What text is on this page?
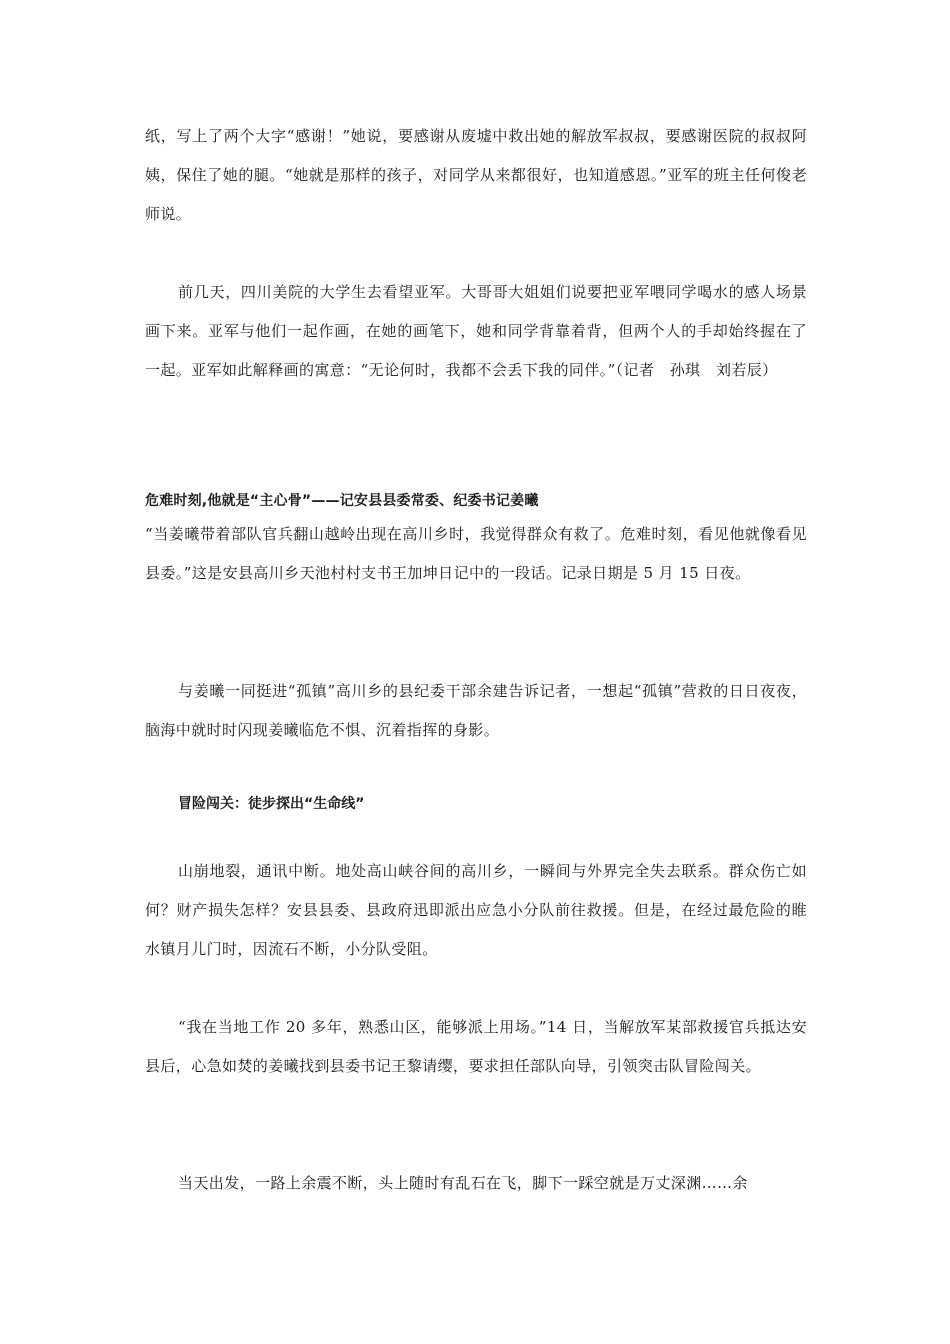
纸，写上了两个大字“感谢！”她说，要感谢从废墟中救出她的解放军叔叔，要感谢医院的叔叔阿姨，保住了她的腿。“她就是那样的孩子，对同学从来都很好，也知道感恩。”亚军的班主任何俊老师说。

前几天，四川美院的大学生去看望亚军。大哥哥大姐姐们说要把亚军喂同学喝水的感人场景画下来。亚军与他们一起作画，在她的画笔下，她和同学背靠着背，但两个人的手却始终握在了一起。亚军如此解释画的寓意：“无论何时，我都不会丢下我的同伴。”（记者　孙琪　刘若辰）

危难时刻,他就是“主心骨”——记安县县委常委、纪委书记姜曦

“当姜曦带着部队官兵翻山越岭出现在高川乡时，我觉得群众有救了。危难时刻，看见他就像看见县委。”这是安县高川乡天池村村支书王加坤日记中的一段话。记录日期是 5 月 15 日夜。

与姜曦一同挺进“孤镇”高川乡的县纪委干部余建告诉记者，一想起“孤镇”营救的日日夜夜，脑海中就时时闪现姜曦临危不惧、沉着指挥的身影。

冒险闯关：徒步探出“生命线”

山崩地裂，通讯中断。地处高山峡谷间的高川乡，一瞬间与外界完全失去联系。群众伤亡如何？财产损失怎样？安县县委、县政府迅即派出应急小分队前往救援。但是，在经过最危险的睢水镇月儿门时，因流石不断，小分队受阻。

“我在当地工作 20 多年，熟悉山区，能够派上用场。”14 日，当解放军某部救援官兵抵达安县后，心急如焚的姜曦找到县委书记王黎请缨，要求担任部队向导，引领突击队冒险闯关。

当天出发，一路上余震不断，头上随时有乱石在飞，脚下一踩空就是万丈深渊……余
